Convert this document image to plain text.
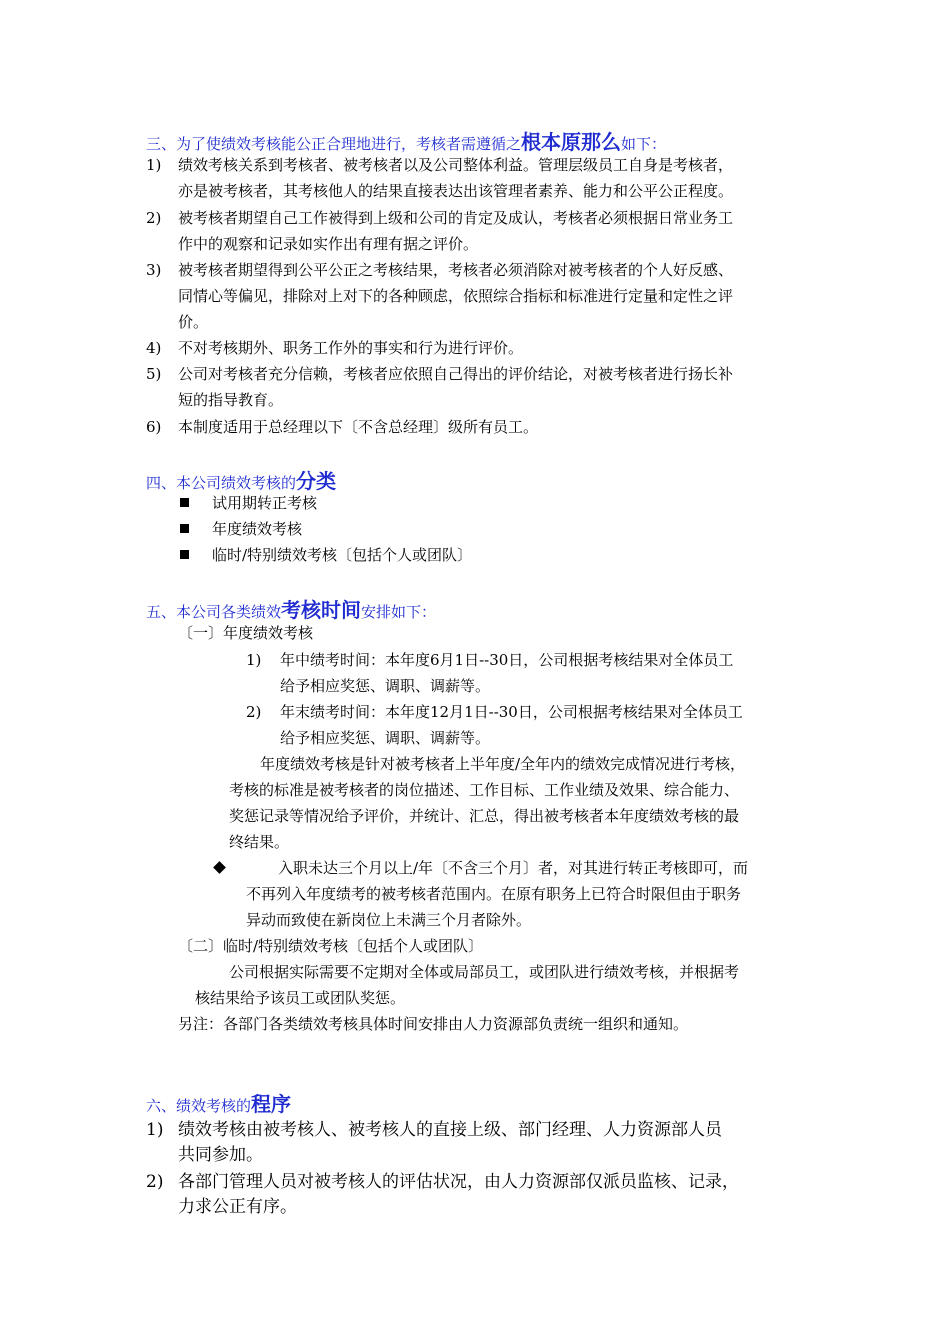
三、为了使绩效考核能公正合理地进行，考核者需遵循之根本原那么如下：
1) 绩效考核关系到考核者、被考核者以及公司整体利益。管理层级员工自身是考核者，
亦是被考核者，其考核他人的结果直接表达出该管理者素养、能力和公平公正程度。
2) 被考核者期望自己工作被得到上级和公司的肯定及成认，考核者必须根据日常业务工
作中的观察和记录如实作出有理有据之评价。
3) 被考核者期望得到公平公正之考核结果，考核者必须消除对被考核者的个人好反感、
同情心等偏见，排除对上对下的各种顾虑，依照综合指标和标准进行定量和定性之评
价。
4) 不对考核期外、职务工作外的事实和行为进行评价。
5) 公司对考核者充分信赖，考核者应依照自己得出的评价结论，对被考核者进行扬长补
短的指导教育。
6) 本制度适用于总经理以下〔不含总经理〕级所有员工。
四、本公司绩效考核的分类
试用期转正考核
年度绩效考核
临时/特别绩效考核〔包括个人或团队〕
五、本公司各类绩效考核时间安排如下：
〔一〕年度绩效考核
1) 年中绩考时间：本年度6月1日--30日，公司根据考核结果对全体员工
给予相应奖惩、调职、调薪等。
2) 年末绩考时间：本年度12月1日--30日，公司根据考核结果对全体员工
给予相应奖惩、调职、调薪等。
年度绩效考核是针对被考核者上半年度/全年内的绩效完成情况进行考核，
考核的标准是被考核者的岗位描述、工作目标、工作业绩及效果、综合能力、
奖惩记录等情况给予评价，并统计、汇总，得出被考核者本年度绩效考核的最
终结果。
入职未达三个月以上/年〔不含三个月〕者，对其进行转正考核即可，而
不再列入年度绩考的被考核者范围内。在原有职务上已符合时限但由于职务
异动而致使在新岗位上未满三个月者除外。
〔二〕临时/特别绩效考核〔包括个人或团队〕
公司根据实际需要不定期对全体或局部员工，或团队进行绩效考核，并根据考
核结果给予该员工或团队奖惩。
另注：各部门各类绩效考核具体时间安排由人力资源部负责统一组织和通知。
六、绩效考核的程序
1) 绩效考核由被考核人、被考核人的直接上级、部门经理、人力资源部人员
共同参加。
2) 各部门管理人员对被考核人的评估状况，由人力资源部仅派员监核、记录，
力求公正有序。
